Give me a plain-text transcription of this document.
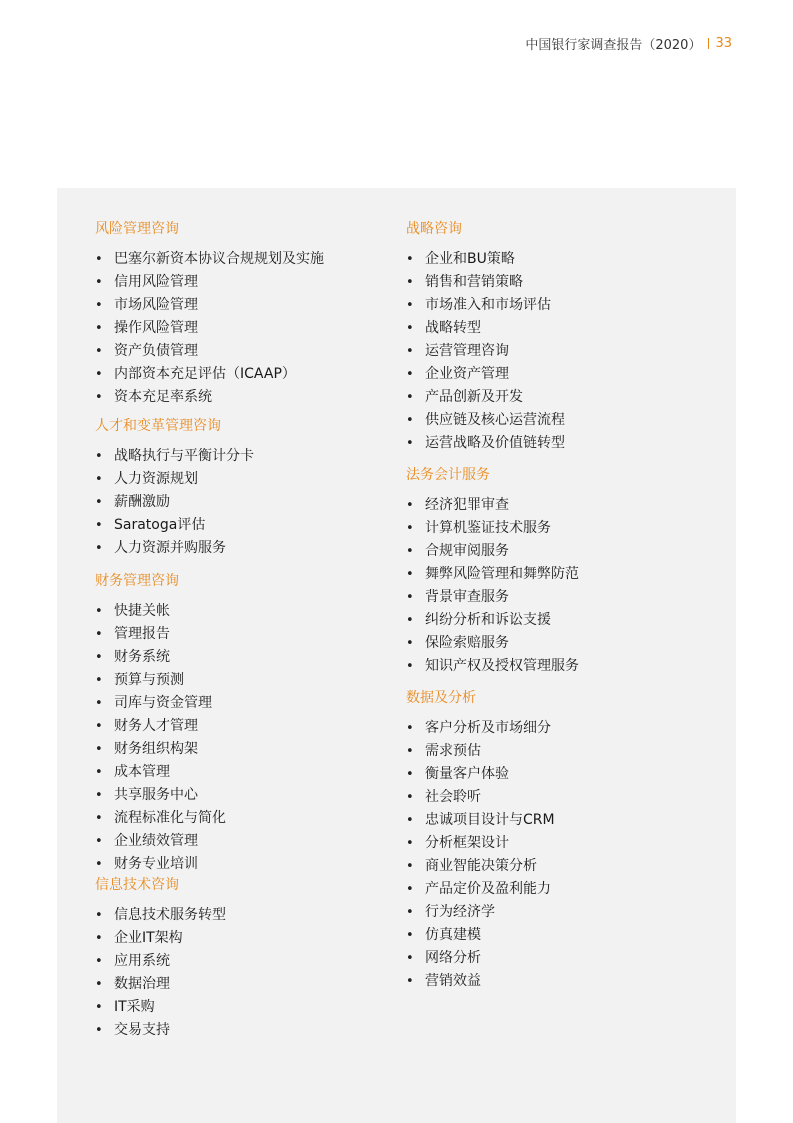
中国银行家调查报告（2020） 33
风险管理咨询
• 巴塞尔新资本协议合规规划及实施
• 信用风险管理
• 市场风险管理
• 操作风险管理
• 资产负债管理
• 内部资本充足评估（ICAAP）
• 资本充足率系统
人才和变革管理咨询
• 战略执行与平衡计分卡
• 人力资源规划
• 薪酬激励
• Saratoga评估
• 人力资源并购服务
财务管理咨询
• 快捷关帐
• 管理报告
• 财务系统
• 预算与预测
• 司库与资金管理
• 财务人才管理
• 财务组织构架
• 成本管理
• 共享服务中心
• 流程标准化与简化
• 企业绩效管理
• 财务专业培训
信息技术咨询
• 信息技术服务转型
• 企业IT架构
• 应用系统
• 数据治理
• IT采购
• 交易支持
战略咨询
• 企业和BU策略
• 销售和营销策略
• 市场准入和市场评估
• 战略转型
• 运营管理咨询
• 企业资产管理
• 产品创新及开发
• 供应链及核心运营流程
• 运营战略及价值链转型
法务会计服务
• 经济犯罪审查
• 计算机鉴证技术服务
• 合规审阅服务
• 舞弊风险管理和舞弊防范
• 背景审查服务
• 纠纷分析和诉讼支援
• 保险索赔服务
• 知识产权及授权管理服务
数据及分析
• 客户分析及市场细分
• 需求预估
• 衡量客户体验
• 社会聆听
• 忠诚项目设计与CRM
• 分析框架设计
• 商业智能决策分析
• 产品定价及盈利能力
• 行为经济学
• 仿真建模
• 网络分析
• 营销效益
